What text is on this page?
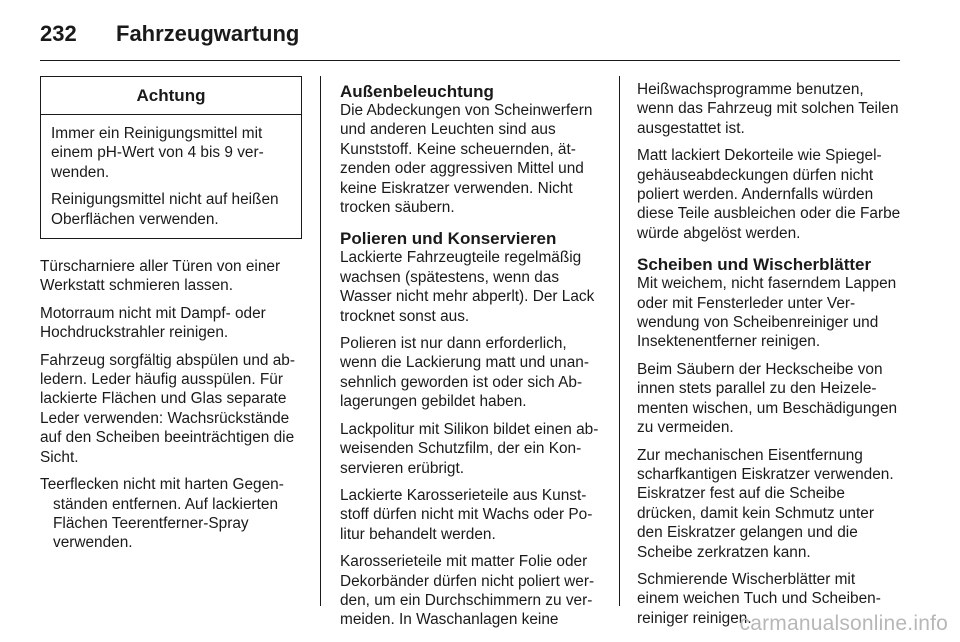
232	Fahrzeugwartung
Achtung

Immer ein Reinigungsmittel mit einem pH-Wert von 4 bis 9 verwenden.

Reinigungsmittel nicht auf heißen Oberflächen verwenden.

Türscharniere aller Türen von einer Werkstatt schmieren lassen.

Motorraum nicht mit Dampf- oder Hochdruckstrahler reinigen.

Fahrzeug sorgfältig abspülen und abledern. Leder häufig ausspülen. Für lackierte Flächen und Glas separate Leder verwenden: Wachsrückstände auf den Scheiben beeinträchtigen die Sicht.

Teerflecken nicht mit harten Gegenständen entfernen. Auf lackierten Flächen Teerentferner-Spray verwenden.

Außenbeleuchtung

Die Abdeckungen von Scheinwerfern und anderen Leuchten sind aus Kunststoff. Keine scheuernden, ätzenden oder aggressiven Mittel und keine Eiskratzer verwenden. Nicht trocken säubern.

Polieren und Konservieren

Lackierte Fahrzeugteile regelmäßig wachsen (spätestens, wenn das Wasser nicht mehr abperlt). Der Lack trocknet sonst aus.

Polieren ist nur dann erforderlich, wenn die Lackierung matt und unansehnlich geworden ist oder sich Ablagerungen gebildet haben.

Lackpolitur mit Silikon bildet einen abweisenden Schutzfilm, der ein Konservieren erübrigt.

Lackierte Karosserieteile aus Kunststoff dürfen nicht mit Wachs oder Politur behandelt werden.

Karosserieteile mit matter Folie oder Dekorbänder dürfen nicht poliert werden, um ein Durchschimmern zu vermeiden. In Waschanlagen keine

Heißwachsprogramme benutzen, wenn das Fahrzeug mit solchen Teilen ausgestattet ist.

Matt lackiert Dekorteile wie Spiegelgehäuseabdeckungen dürfen nicht poliert werden. Andernfalls würden diese Teile ausbleichen oder die Farbe würde abgelöst werden.

Scheiben und Wischerblätter

Mit weichem, nicht faserndem Lappen oder mit Fensterleder unter Verwendung von Scheibenreiniger und Insektenentferner reinigen.

Beim Säubern der Heckscheibe von innen stets parallel zu den Heizelementen wischen, um Beschädigungen zu vermeiden.

Zur mechanischen Eisentfernung scharfkantigen Eiskratzer verwenden. Eiskratzer fest auf die Scheibe drücken, damit kein Schmutz unter den Eiskratzer gelangen und die Scheibe zerkratzen kann.

Schmierende Wischerblätter mit einem weichen Tuch und Scheibenreiniger reinigen.

carmanualsonline.info
